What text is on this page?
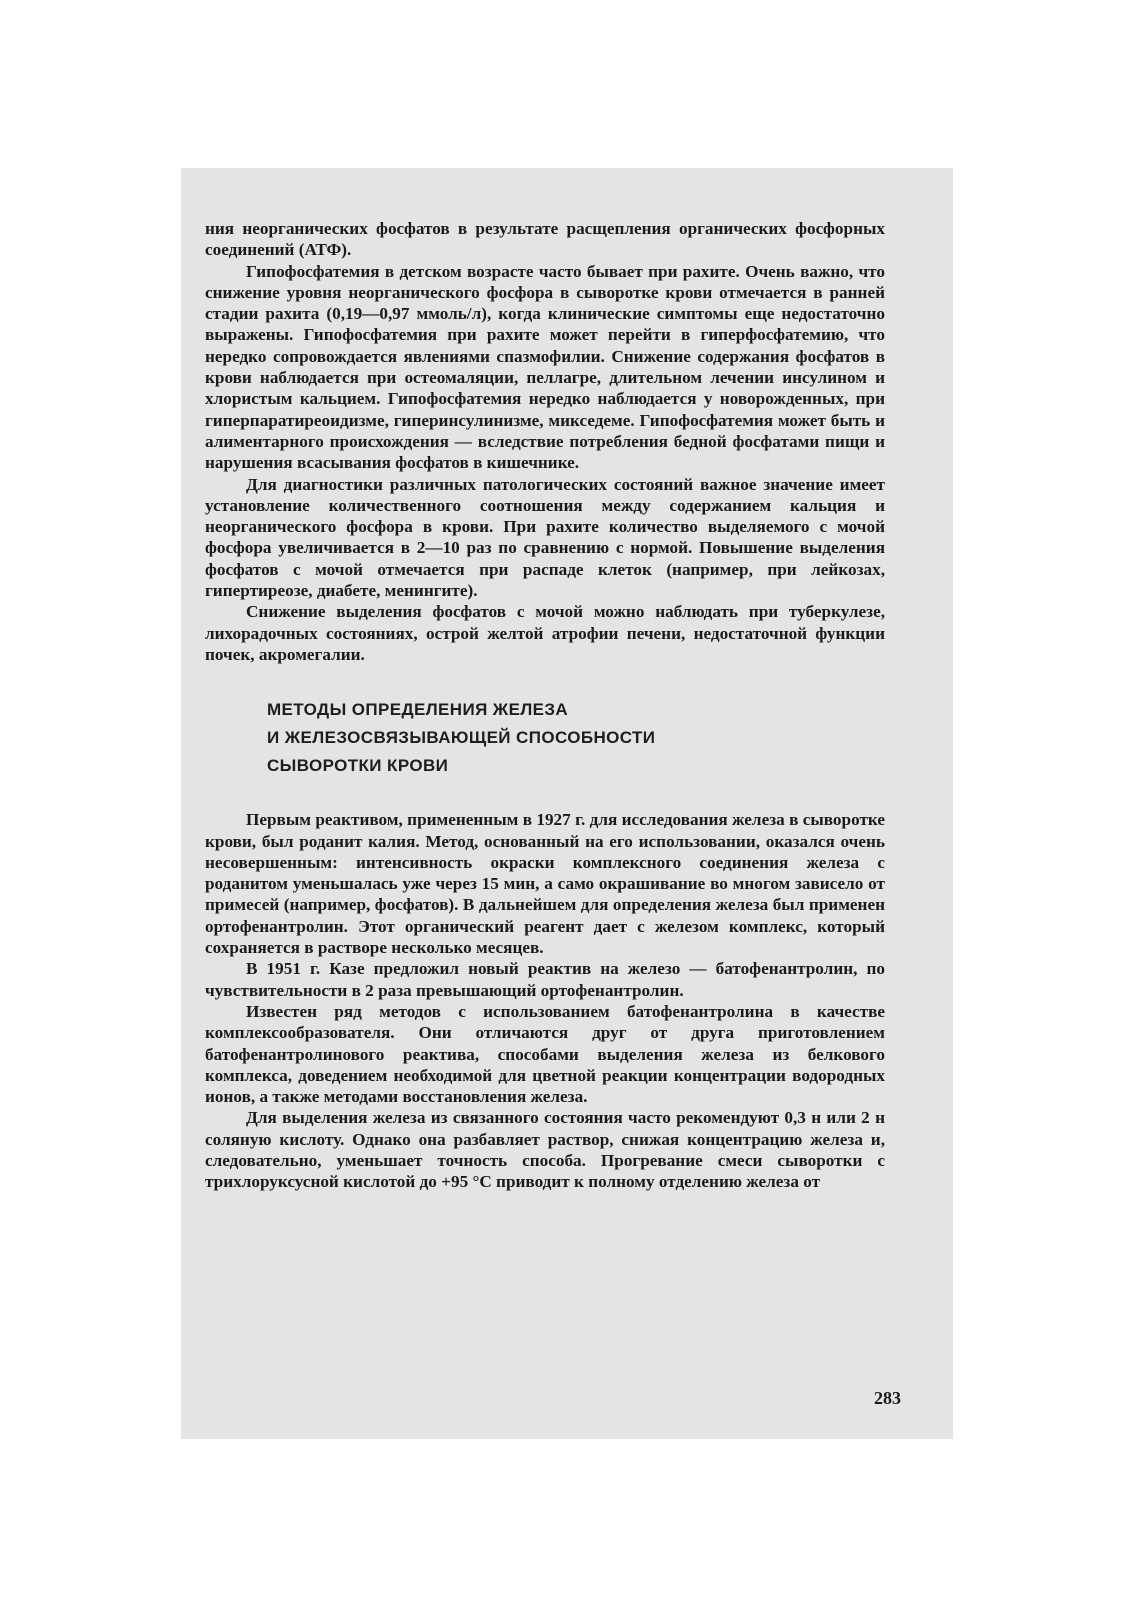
ния неорганических фосфатов в результате расщепления органических фосфорных соединений (АТФ).

Гипофосфатемия в детском возрасте часто бывает при рахите. Очень важно, что снижение уровня неорганического фосфора в сыворотке крови отмечается в ранней стадии рахита (0,19—0,97 ммоль/л), когда клинические симптомы еще недостаточно выражены. Гипофосфатемия при рахите может перейти в гиперфосфатемию, что нередко сопровождается явлениями спазмофилии. Снижение содержания фосфатов в крови наблюдается при остеомаляции, пеллагре, длительном лечении инсулином и хлористым кальцием. Гипофосфатемия нередко наблюдается у новорожденных, при гиперпаратиреоидизме, гиперинсулинизме, микседеме. Гипофосфатемия может быть и алиментарного происхождения — вследствие потребления бедной фосфатами пищи и нарушения всасывания фосфатов в кишечнике.

Для диагностики различных патологических состояний важное значение имеет установление количественного соотношения между содержанием кальция и неорганического фосфора в крови. При рахите количество выделяемого с мочой фосфора увеличивается в 2—10 раз по сравнению с нормой. Повышение выделения фосфатов с мочой отмечается при распаде клеток (например, при лейкозах, гипертиреозе, диабете, менингите).

Снижение выделения фосфатов с мочой можно наблюдать при туберкулезе, лихорадочных состояниях, острой желтой атрофии печени, недостаточной функции почек, акромегалии.

МЕТОДЫ ОПРЕДЕЛЕНИЯ ЖЕЛЕЗА
И ЖЕЛЕЗОСВЯЗЫВАЮЩЕЙ СПОСОБНОСТИ
СЫВОРОТКИ КРОВИ

Первым реактивом, примененным в 1927 г. для исследования железа в сыворотке крови, был роданит калия. Метод, основанный на его использовании, оказался очень несовершенным: интенсивность окраски комплексного соединения железа с роданитом уменьшалась уже через 15 мин, а само окрашивание во многом зависело от примесей (например, фосфатов). В дальнейшем для определения железа был применен ортофенантролин. Этот органический реагент дает с железом комплекс, который сохраняется в растворе несколько месяцев.

В 1951 г. Казе предложил новый реактив на железо — батофенантролин, по чувствительности в 2 раза превышающий ортофенантролин.

Известен ряд методов с использованием батофенантролина в качестве комплексообразователя. Они отличаются друг от друга приготовлением батофенантролинового реактива, способами выделения железа из белкового комплекса, доведением необходимой для цветной реакции концентрации водородных ионов, а также методами восстановления железа.

Для выделения железа из связанного состояния часто рекомендуют 0,3 н или 2 н соляную кислоту. Однако она разбавляет раствор, снижая концентрацию железа и, следовательно, уменьшает точность способа. Прогревание смеси сыворотки с трихлоруксусной кислотой до +95 °С приводит к полному отделению железа от

283
